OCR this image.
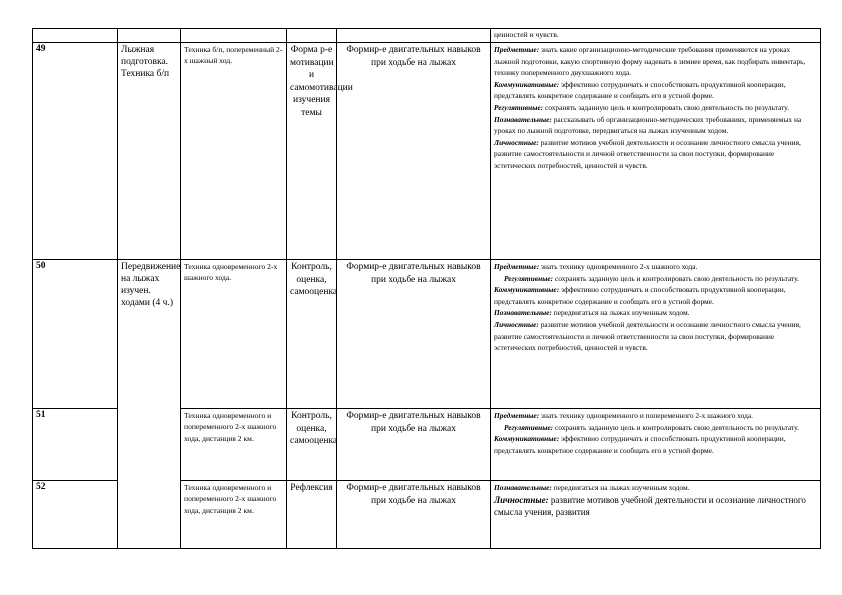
					ценностей и чувств.
49	Лыжная подготовка. Техника б/п	Техника б/п, попеременный 2-х шажный ход.	Форма р-е мотивации и самомотивации изучения темы	Формир-е двигательных навыков при ходьбе на лыжах	Предметные: знать какие организационно-методические требования применяются на уроках лыжной подготовки, какую спортивную форму надевать в зимнее время, как подбирать инвентарь, технику попеременного двухшажного хода.

Коммуникативные: эффективно сотрудничать и способствовать продуктивной кооперации, представлять конкретное содержание и сообщать его в устной форме.

Регулятивные: сохранять заданную цель и контролировать свою деятельность по результату.

Познавательные: рассказывать об организационно-методических требованиях, применяемых на уроках по лыжной подготовке, передвигаться на лыжах изученным ходом.

Личностные: развитие мотивов учебной деятельности и осознание личностного смысла учения, развитие самостоятельности и личной ответственности за свои поступки, формирование эстетических потребностей, ценностей и чувств.

50	Передвижение на лыжах изучен. ходами (4 ч.)	Техника одновременного 2-х шажного хода.	Контроль, оценка, самооценка	Формир-е двигательных навыков при ходьбе на лыжах	Предметные: знать технику одновременного 2-х шажного хода.

Регулятивные: сохранять заданную цель и контролировать свою деятельность по результату.

Коммуникативные: эффективно сотрудничать и способствовать продуктивной кооперации, представлять конкретное содержание и сообщать его в устной форме.

Познавательные: передвигаться на лыжах изученным ходом.

Личностные: развитие мотивов учебной деятельности и осознание личностного смысла учения, развитие самостоятельности и личной ответственности за свои поступки, формирование эстетических потребностей, ценностей и чувств.

51		Техника одновременного и попеременного 2-х шажного хода, дистанция 2 км.	Контроль, оценка, самооценка	Формир-е двигательных навыков при ходьбе на лыжах	Предметные: знать технику одновременного и попеременного 2-х шажного хода.

Регулятивные: сохранять заданную цель и контролировать свою деятельность по результату.

Коммуникативные: эффективно сотрудничать и способствовать продуктивной кооперации, представлять конкретное содержание и сообщать его в устной форме.

52		Техника одновременного и попеременного 2-х шажного хода, дистанция 2 км.	Рефлексия	Формир-е двигательных навыков при ходьбе на лыжах	Познавательные: передвигаться на лыжах изученным ходом.

Личностные: развитие мотивов учебной деятельности и осознание личностного смысла учения, развития
